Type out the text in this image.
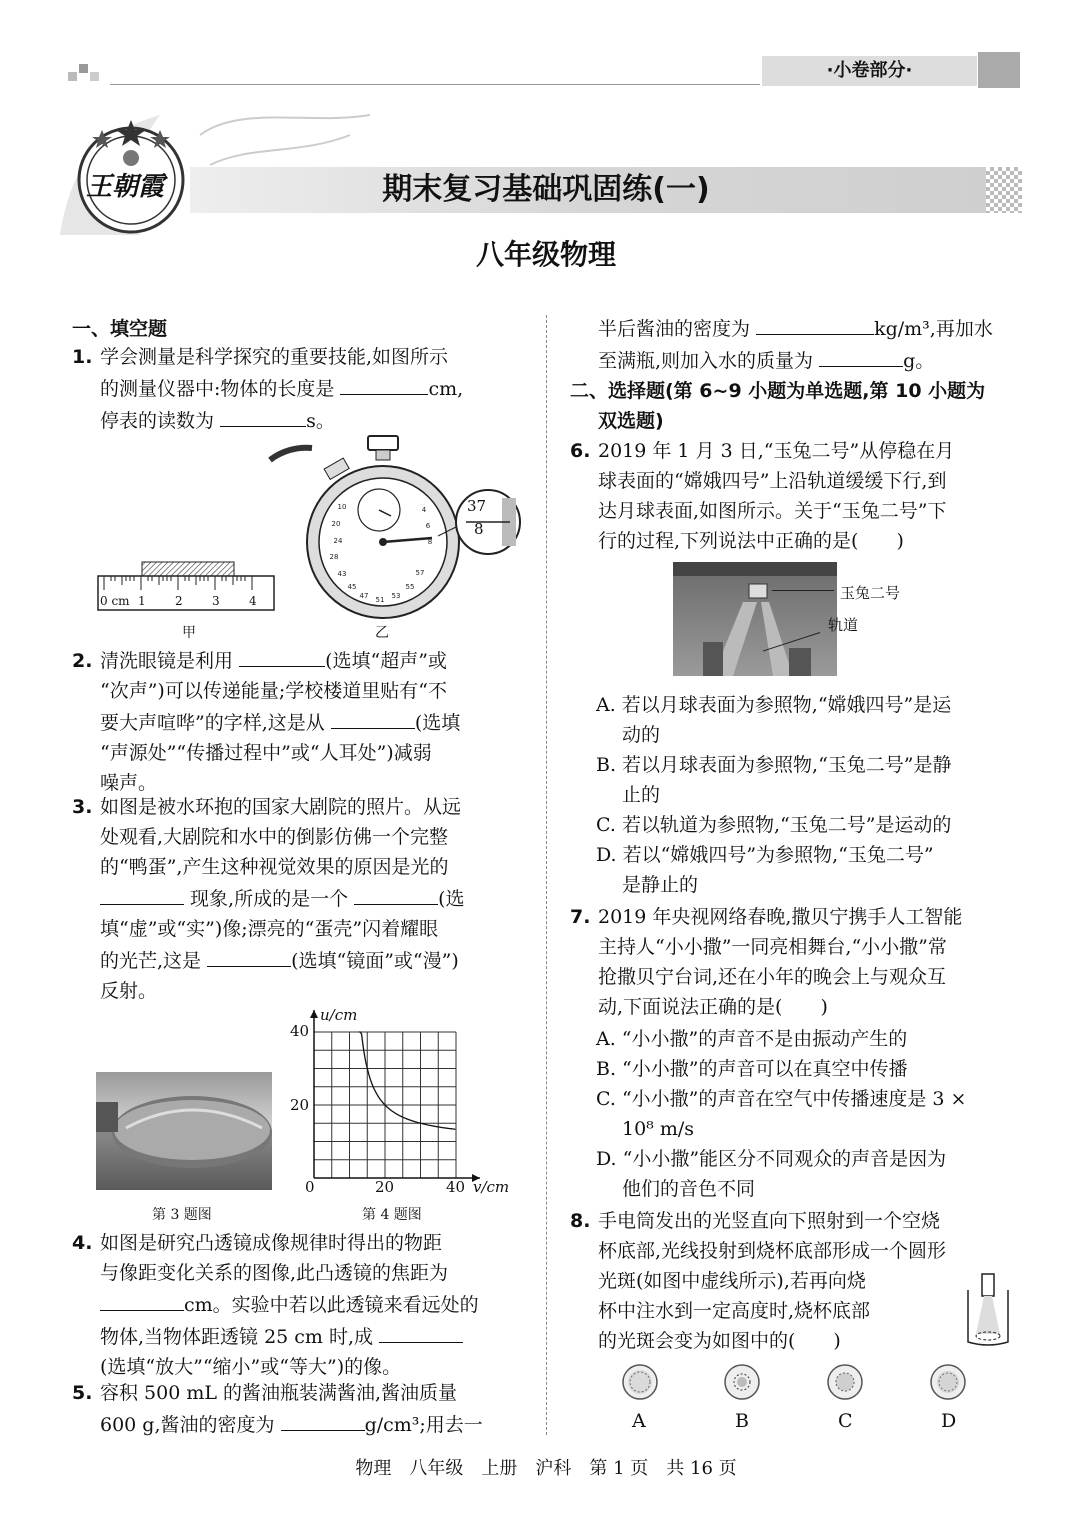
·小卷部分·
王朝霞	期末复习基础巩固练(一)
八年级物理
一、填空题
1. 学会测量是科学探究的重要技能,如图所示
的测量仪器中:物体的长度是	cm,
停表的读数为	s。
0 cm 1 2 3 4
10
20
24
28
43
45
47 51 53
55
57
6
8
4	37
8
甲	乙
2. 清洗眼镜是利用	(选填“超声”或
“次声”)可以传递能量;学校楼道里贴有“不
要大声喧哗”的字样,这是从	(选填
“声源处”“传播过程中”或“人耳处”)减弱
噪声。
3. 如图是被水环抱的国家大剧院的照片。从远
处观看,大剧院和水中的倒影仿佛一个完整
的“鸭蛋”,产生这种视觉效果的原因是光的
现象,所成的是一个	(选
填“虚”或“实”)像;漂亮的“蛋壳”闪着耀眼
的光芒,这是	(选填“镜面”或“漫”)
反射。
u/cm
v/cm
40
20
0	20	40
第 3 题图	第 4 题图
4. 如图是研究凸透镜成像规律时得出的物距
与像距变化关系的图像,此凸透镜的焦距为
cm。实验中若以此透镜来看远处的
物体,当物体距透镜 25 cm 时,成
(选填“放大”“缩小”或“等大”)的像。
5. 容积 500 mL 的酱油瓶装满酱油,酱油质量
600 g,酱油的密度为	g/cm³;用去一
半后酱油的密度为	kg/m³,再加水
至满瓶,则加入水的质量为	g。
二、选择题(第 6~9 小题为单选题,第 10 小题为
双选题)
6. 2019 年 1 月 3 日,“玉兔二号”从停稳在月
球表面的“嫦娥四号”上沿轨道缓缓下行,到
达月球表面,如图所示。关于“玉兔二号”下
行的过程,下列说法中正确的是(　　)
玉兔二号
轨道
A. 若以月球表面为参照物,“嫦娥四号”是运
动的
B. 若以月球表面为参照物,“玉兔二号”是静
止的
C. 若以轨道为参照物,“玉兔二号”是运动的
D. 若以“嫦娥四号”为参照物,“玉兔二号”
是静止的
7. 2019 年央视网络春晚,撒贝宁携手人工智能
主持人“小小撒”一同亮相舞台,“小小撒”常
抢撒贝宁台词,还在小年的晚会上与观众互
动,下面说法正确的是(　　)
A. “小小撒”的声音不是由振动产生的
B. “小小撒”的声音可以在真空中传播
C. “小小撒”的声音在空气中传播速度是 3 ×
10⁸ m/s
D. “小小撒”能区分不同观众的声音是因为
他们的音色不同
8. 手电筒发出的光竖直向下照射到一个空烧
杯底部,光线投射到烧杯底部形成一个圆形
光斑(如图中虚线所示),若再向烧
杯中注水到一定高度时,烧杯底部
的光斑会变为如图中的(　　)
A	B	C	D
物理　八年级　上册　沪科　第 1 页　共 16 页
